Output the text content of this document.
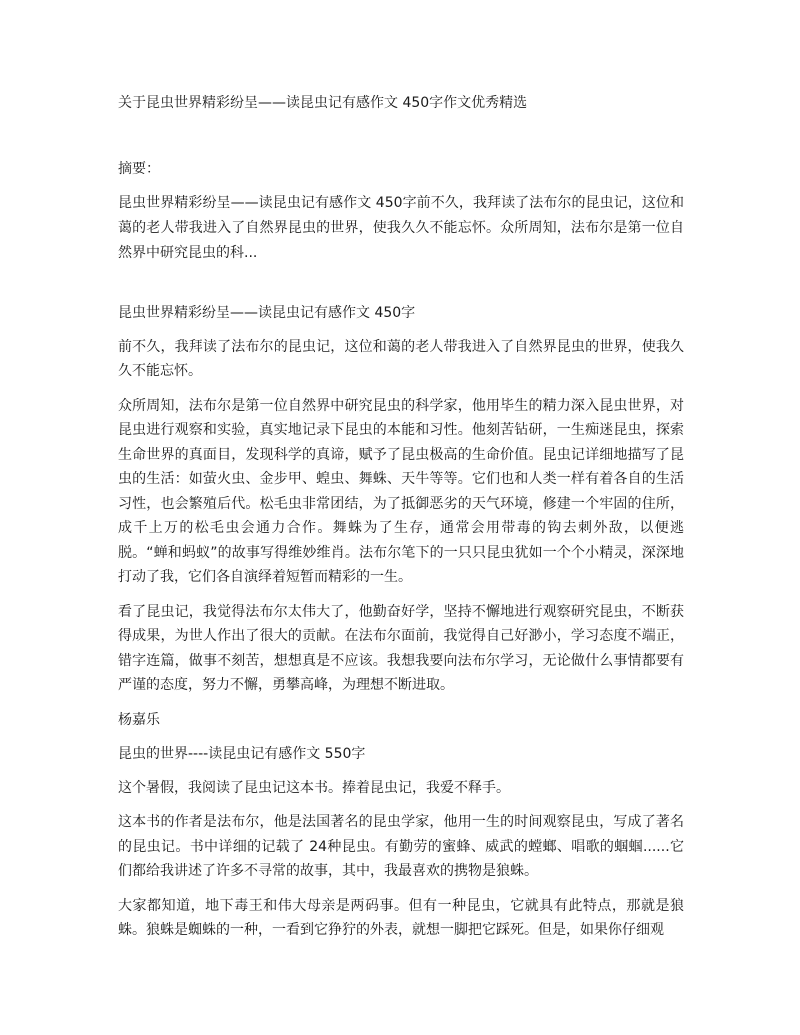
关于昆虫世界精彩纷呈——读昆虫记有感作文 450字作文优秀精选
摘要：
昆虫世界精彩纷呈——读昆虫记有感作文 450字前不久，我拜读了法布尔的昆虫记，这位和蔼的老人带我进入了自然界昆虫的世界，使我久久不能忘怀。众所周知，法布尔是第一位自然界中研究昆虫的科...
昆虫世界精彩纷呈——读昆虫记有感作文 450字

前不久，我拜读了法布尔的昆虫记，这位和蔼的老人带我进入了自然界昆虫的世界，使我久久不能忘怀。

众所周知，法布尔是第一位自然界中研究昆虫的科学家，他用毕生的精力深入昆虫世界，对昆虫进行观察和实验，真实地记录下昆虫的本能和习性。他刻苦钻研，一生痴迷昆虫，探索生命世界的真面目，发现科学的真谛，赋予了昆虫极高的生命价值。昆虫记详细地描写了昆虫的生活：如萤火虫、金步甲、蝗虫、舞蛛、天牛等等。它们也和人类一样有着各自的生活习性，也会繁殖后代。松毛虫非常团结，为了抵御恶劣的天气环境，修建一个牢固的住所，成千上万的松毛虫会通力合作。舞蛛为了生存，通常会用带毒的钩去刺外敌，以便逃脱。“蝉和蚂蚁”的故事写得维妙维肖。法布尔笔下的一只只昆虫犹如一个个小精灵，深深地打动了我，它们各自演绎着短暂而精彩的一生。

看了昆虫记，我觉得法布尔太伟大了，他勤奋好学，坚持不懈地进行观察研究昆虫，不断获得成果，为世人作出了很大的贡献。在法布尔面前，我觉得自己好渺小，学习态度不端正，错字连篇，做事不刻苦，想想真是不应该。我想我要向法布尔学习，无论做什么事情都要有严谨的态度，努力不懈，勇攀高峰，为理想不断进取。

杨嘉乐

昆虫的世界----读昆虫记有感作文 550字

这个暑假，我阅读了昆虫记这本书。捧着昆虫记，我爱不释手。

这本书的作者是法布尔，他是法国著名的昆虫学家，他用一生的时间观察昆虫，写成了著名的昆虫记。书中详细的记载了 24种昆虫。有勤劳的蜜蜂、威武的螳螂、唱歌的蝈蝈......它们都给我讲述了许多不寻常的故事，其中，我最喜欢的携物是狼蛛。

大家都知道，地下毒王和伟大母亲是两码事。但有一种昆虫，它就具有此特点，那就是狼蛛。狼蛛是蜘蛛的一种，一看到它狰狞的外表，就想一脚把它踩死。但是，如果你仔细观
